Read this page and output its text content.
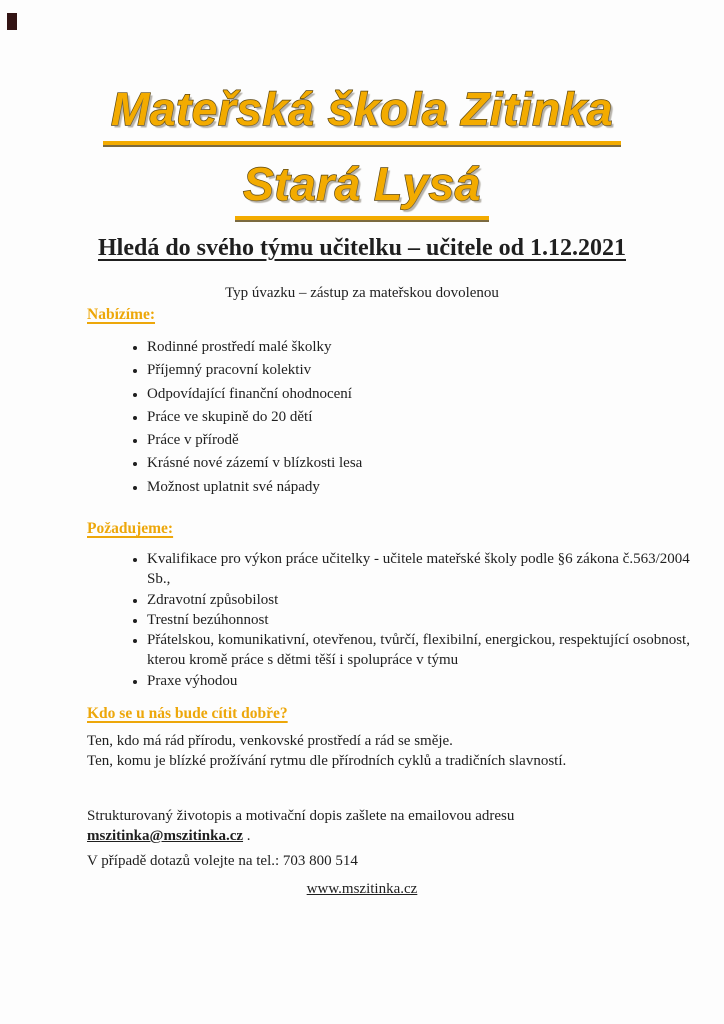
Mateřská škola Zitinka
Stará Lysá
Hledá do svého týmu učitelku – učitele od 1.12.2021
Typ úvazku – zástup za mateřskou dovolenou
Nabízíme:
• Rodinné prostředí malé školky
• Příjemný pracovní kolektiv
• Odpovídající finanční ohodnocení
• Práce ve skupině do 20 dětí
• Práce v přírodě
• Krásné nové zázemí v blízkosti lesa
• Možnost uplatnit své nápady
Požadujeme:
• Kvalifikace pro výkon práce učitelky - učitele mateřské školy podle §6 zákona č.563/2004 Sb.,
• Zdravotní způsobilost
• Trestní bezúhonnost
• Přátelskou, komunikativní, otevřenou, tvůrčí, flexibilní, energickou, respektující osobnost, kterou kromě práce s dětmi těší i spolupráce v týmu
• Praxe výhodou
Kdo se u nás bude cítit dobře?
Ten, kdo má rád přírodu, venkovské prostředí a rád se směje.
Ten, komu je blízké prožívání rytmu dle přírodních cyklů a tradičních slavností.
Strukturovaný životopis a motivační dopis zašlete na emailovou adresu
mszitinka@mszitinka.cz .
V případě dotazů volejte na tel.: 703 800 514
www.mszitinka.cz
